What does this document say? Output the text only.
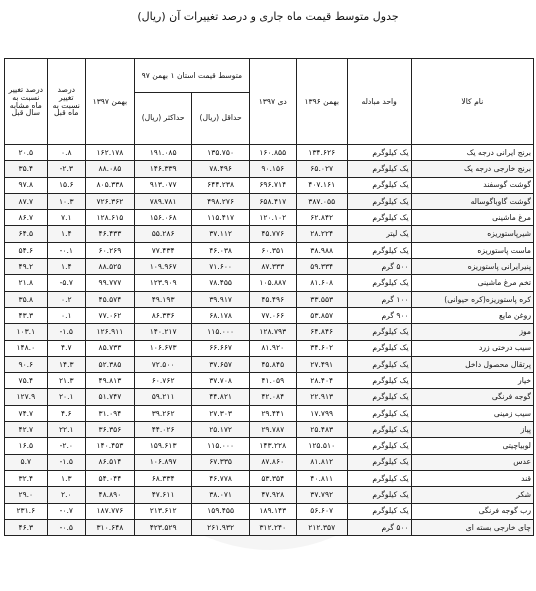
جدول متوسط قیمت ماه جاری و درصد تغییرات آن (ریال)
نام کالا	واحد مبادله	بهمن ۱۳۹۶	دی ۱۳۹۷	متوسط قیمت استان ۱ بهمن ۹۷		بهمن ۱۳۹۷	درصد تغییر نسبت به ماه قبل	درصد تغییر نسبت به ماه مشابه سال قبل
				حداقل (ریال)	حداکثر (ریال)			
برنج ایرانی درجه یک	یک کیلوگرم	۱۳۴.۶۲۶	۱۶۰.۸۵۵	۱۳۵.۷۵۰	۱۹۱.۰۸۵	۱۶۲.۱۷۸	۰.۸	۲۰.۵
برنج خارجی درجه یک	یک کیلوگرم	۶۵.۰۲۷	۹۰.۱۵۶	۷۸.۴۹۶	۱۴۶.۳۳۹	۸۸.۰۸۵	-۲.۳	۳۵.۴
گوشت گوسفند	یک کیلوگرم	۴۰۷.۱۶۱	۶۹۶.۷۱۴	۶۴۴.۲۳۸	۹۱۳.۰۷۷	۸۰۵.۳۳۸	۱۵.۶	۹۷.۸
گوشت گاوباگوساله	یک کیلوگرم	۳۸۷.۰۵۵	۶۵۸.۴۱۷	۴۹۸.۲۷۶	۷۸۹.۷۸۱	۷۲۶.۳۶۲	۱۰.۳	۸۷.۷
مرغ ماشینی	یک کیلوگرم	۶۲.۸۴۲	۱۲۰.۱۰۲	۱۱۵.۴۱۷	۱۵۶.۰۶۸	۱۲۸.۶۱۵	۷.۱	۸۶.۷
شیرپاستوریزه	یک لیتر	۲۸.۲۲۴	۴۵.۷۷۶	۳۷.۱۱۲	۵۵.۲۸۶	۴۶.۴۳۳	۱.۴	۶۴.۵
ماست پاستوریزه	یک کیلوگرم	۳۸.۹۸۸	۶۰.۳۵۱	۴۶.۰۳۸	۷۷.۴۳۴	۶۰.۲۶۹	-۰.۱	۵۴.۶
پنیرایرانی پاستوریزه	۵۰۰ گرم	۵۹.۳۳۴	۸۷.۳۳۳	۷۱.۶۰۰	۱۰۹.۹۶۷	۸۸.۵۲۵	۱.۴	۴۹.۲
تخم مرغ ماشینی	یک کیلوگرم	۸۱.۶۰۸	۱۰۵.۸۸۷	۷۸.۴۵۵	۱۲۳.۹۰۹	۹۹.۷۷۷	-۵.۷	۲۱.۸
کره پاستوریزه(کره حیوانی)	۱۰۰ گرم	۳۳.۵۵۳	۴۵.۴۹۶	۳۹.۹۱۷	۴۹.۱۹۳	۴۵.۵۷۴	۰.۲	۳۵.۸
روغن مایع	۹۰۰ گرم	۵۳.۸۵۷	۷۷.۰۶۶	۶۸.۱۷۸	۸۶.۳۳۶	۷۷.۰۶۲	۰.۱	۴۳.۳
موز	یک کیلوگرم	۶۴.۸۴۶	۱۲۸.۷۹۳	۱۱۵.۰۰۰	۱۴۰.۲۱۷	۱۲۶.۹۱۱	-۱.۵	۱۰۳.۱
سیب درختی زرد	یک کیلوگرم	۳۴.۶۰۲	۸۱.۹۲۰	۶۶.۶۶۷	۱۰۶.۶۷۳	۸۵.۷۳۳	۴.۷	۱۴۸.۰
پرتقال محصول داخل	یک کیلوگرم	۲۷.۴۹۱	۴۵.۸۴۵	۳۷.۶۵۷	۷۲.۵۰۰	۵۲.۳۸۵	۱۴.۳	۹۰.۶
خیار	یک کیلوگرم	۲۸.۴۰۴	۴۱.۰۵۹	۳۷.۷۰۸	۶۰.۷۶۲	۴۹.۸۱۳	۲۱.۳	۷۵.۴
گوجه فرنگی	یک کیلوگرم	۲۲.۹۱۳	۴۲.۰۸۴	۴۴.۸۲۱	۵۹.۲۱۱	۵۱.۷۴۷	۲۰.۱	۱۲۷.۹
سیب زمینی	یک کیلوگرم	۱۷.۷۹۹	۲۹.۴۴۱	۲۷.۳۰۳	۳۹.۲۶۲	۳۱.۰۹۴	۴.۶	۷۴.۷
پیاز	یک کیلوگرم	۲۵.۴۸۳	۲۹.۷۸۷	۲۵.۱۷۲	۴۴.۰۲۶	۳۶.۳۵۶	۲۲.۱	۴۲.۷
لوبیاچیتی	یک کیلوگرم	۱۲۵.۵۱۰	۱۴۳.۲۲۸	۱۱۵.۰۰۰	۱۵۹.۶۱۳	۱۴۰.۴۵۳	-۲.۰	۱۶.۵
عدس	یک کیلوگرم	۸۱.۸۱۲	۸۷.۸۶۰	۶۷.۳۳۵	۱۰۶.۸۹۷	۸۶.۵۱۴	-۱.۵	۵.۷
قند	یک کیلوگرم	۴۰.۸۱۱	۵۳.۳۵۴	۴۶.۷۷۸	۶۸.۳۳۴	۵۴.۰۴۴	۱.۳	۳۲.۴
شکر	یک کیلوگرم	۳۷.۷۹۲	۴۷.۹۲۸	۳۸.۰۷۱	۴۷.۶۱۱	۴۸.۸۹۰	۲.۰	۲۹.۰
رب گوجه فرنگی	یک کیلوگرم	۵۶.۶۰۷	۱۸۹.۱۴۳	۱۵۹.۴۵۵	۲۱۳.۶۱۲	۱۸۷.۷۷۶	-۰.۷	۲۳۱.۶
چای خارجی بسته ای	۵۰۰ گرم	۲۱۲.۳۵۷	۳۱۲.۲۴۰	۲۶۱.۹۳۲	۴۲۳.۵۲۹	۳۱۰.۶۴۸	-۰.۵	۴۶.۳
